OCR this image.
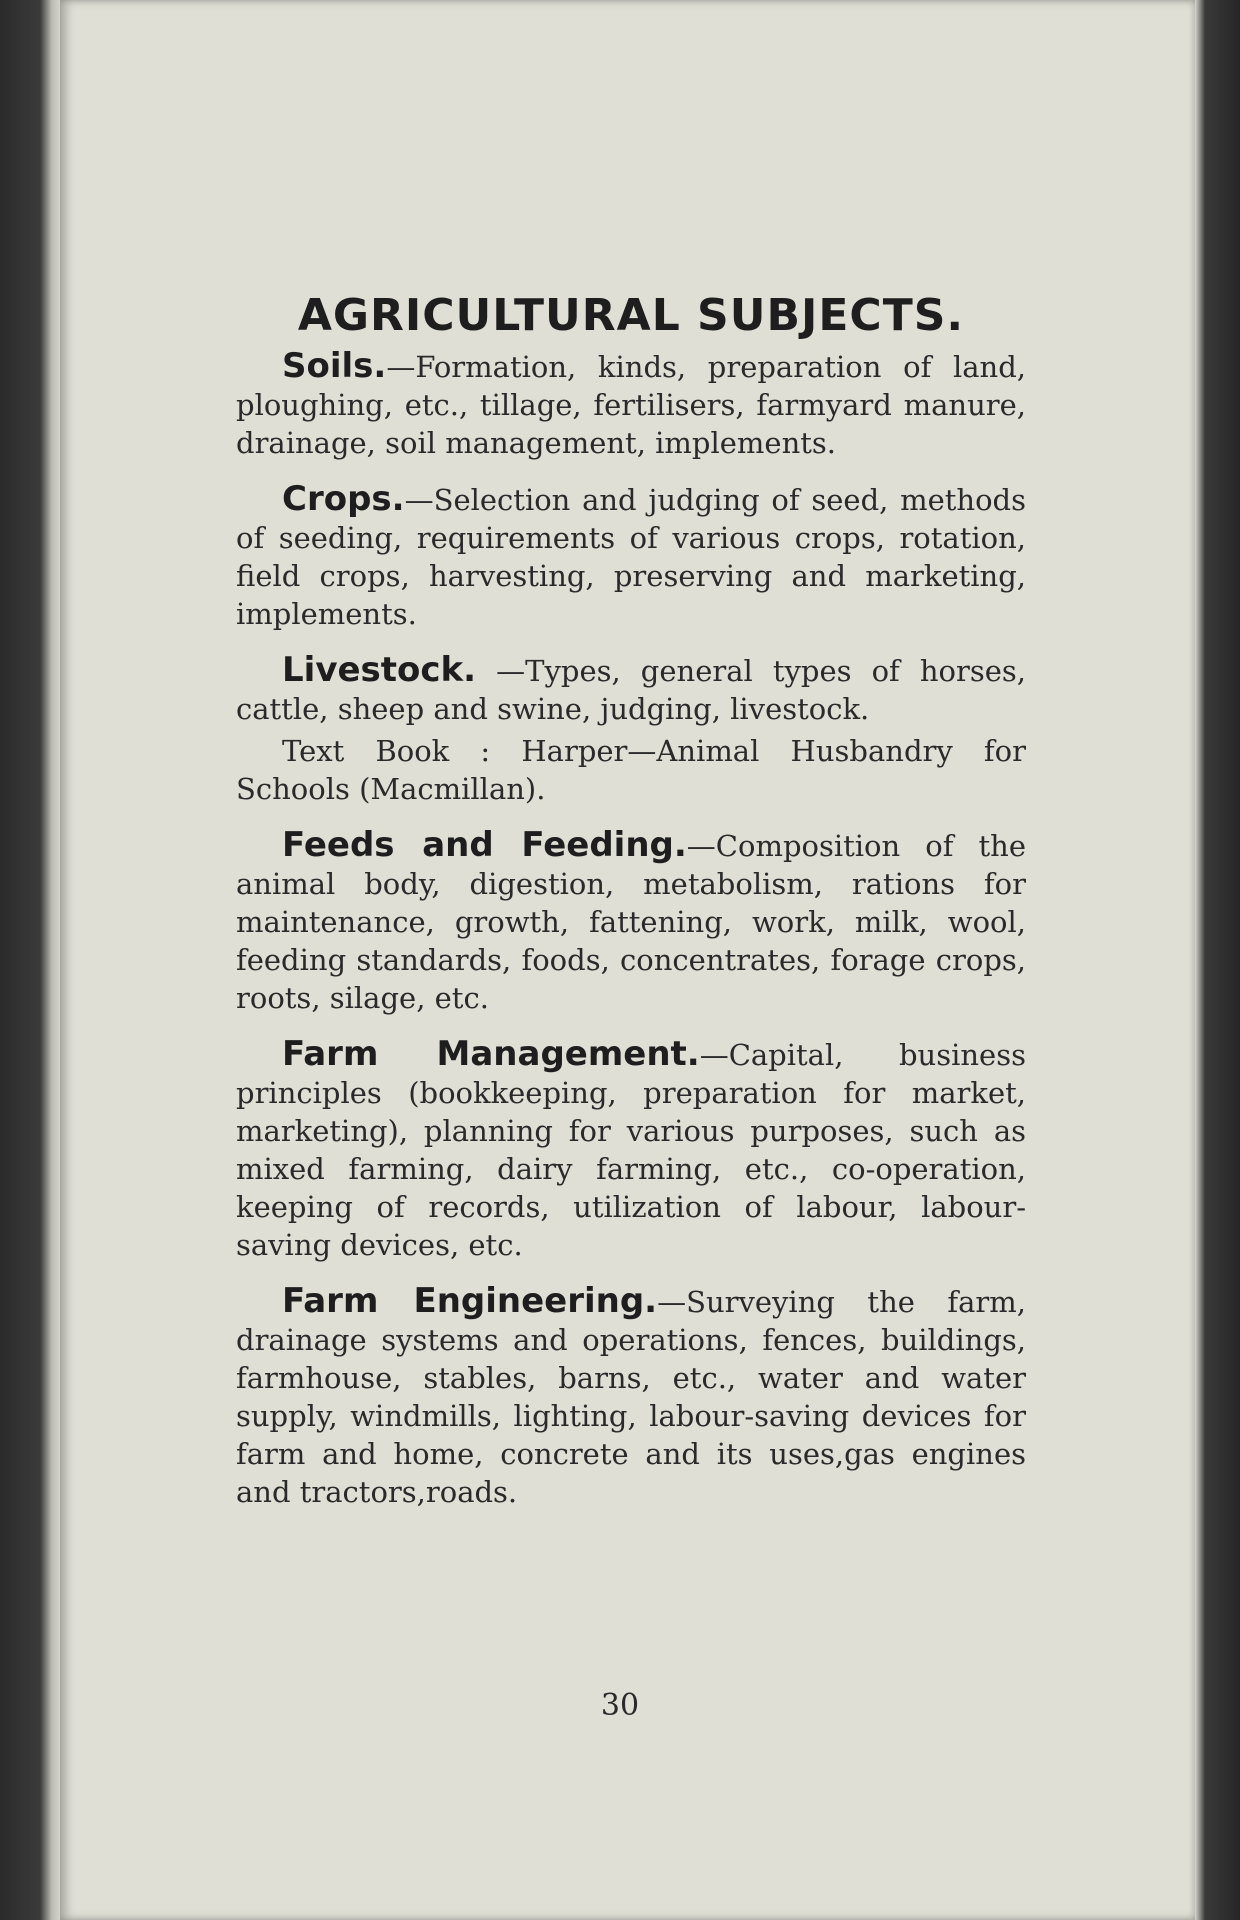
AGRICULTURAL SUBJECTS.

Soils.—Formation, kinds, preparation of land, ploughing, etc., tillage, fertilisers, farmyard manure, drainage, soil management, implements.

Crops.—Selection and judging of seed, methods of seeding, requirements of various crops, rotation, field crops, harvesting, preserving and marketing, implements.

Livestock. —Types, general types of horses, cattle, sheep and swine, judging, livestock.

Text Book : Harper—Animal Husbandry for Schools (Macmillan).

Feeds and Feeding.—Composition of the animal body, digestion, metabolism, rations for maintenance, growth, fattening, work, milk, wool, feeding standards, foods, concentrates, forage crops, roots, silage, etc.

Farm Management.—Capital, business principles (bookkeeping, preparation for market, marketing), planning for various purposes, such as mixed farming, dairy farming, etc., co-operation, keeping of records, utilization of labour, labour-saving devices, etc.

Farm Engineering.—Surveying the farm, drainage systems and operations, fences, buildings, farmhouse, stables, barns, etc., water and water supply, windmills, lighting, labour-saving devices for farm and home, concrete and its uses,gas engines and tractors,roads.

30
